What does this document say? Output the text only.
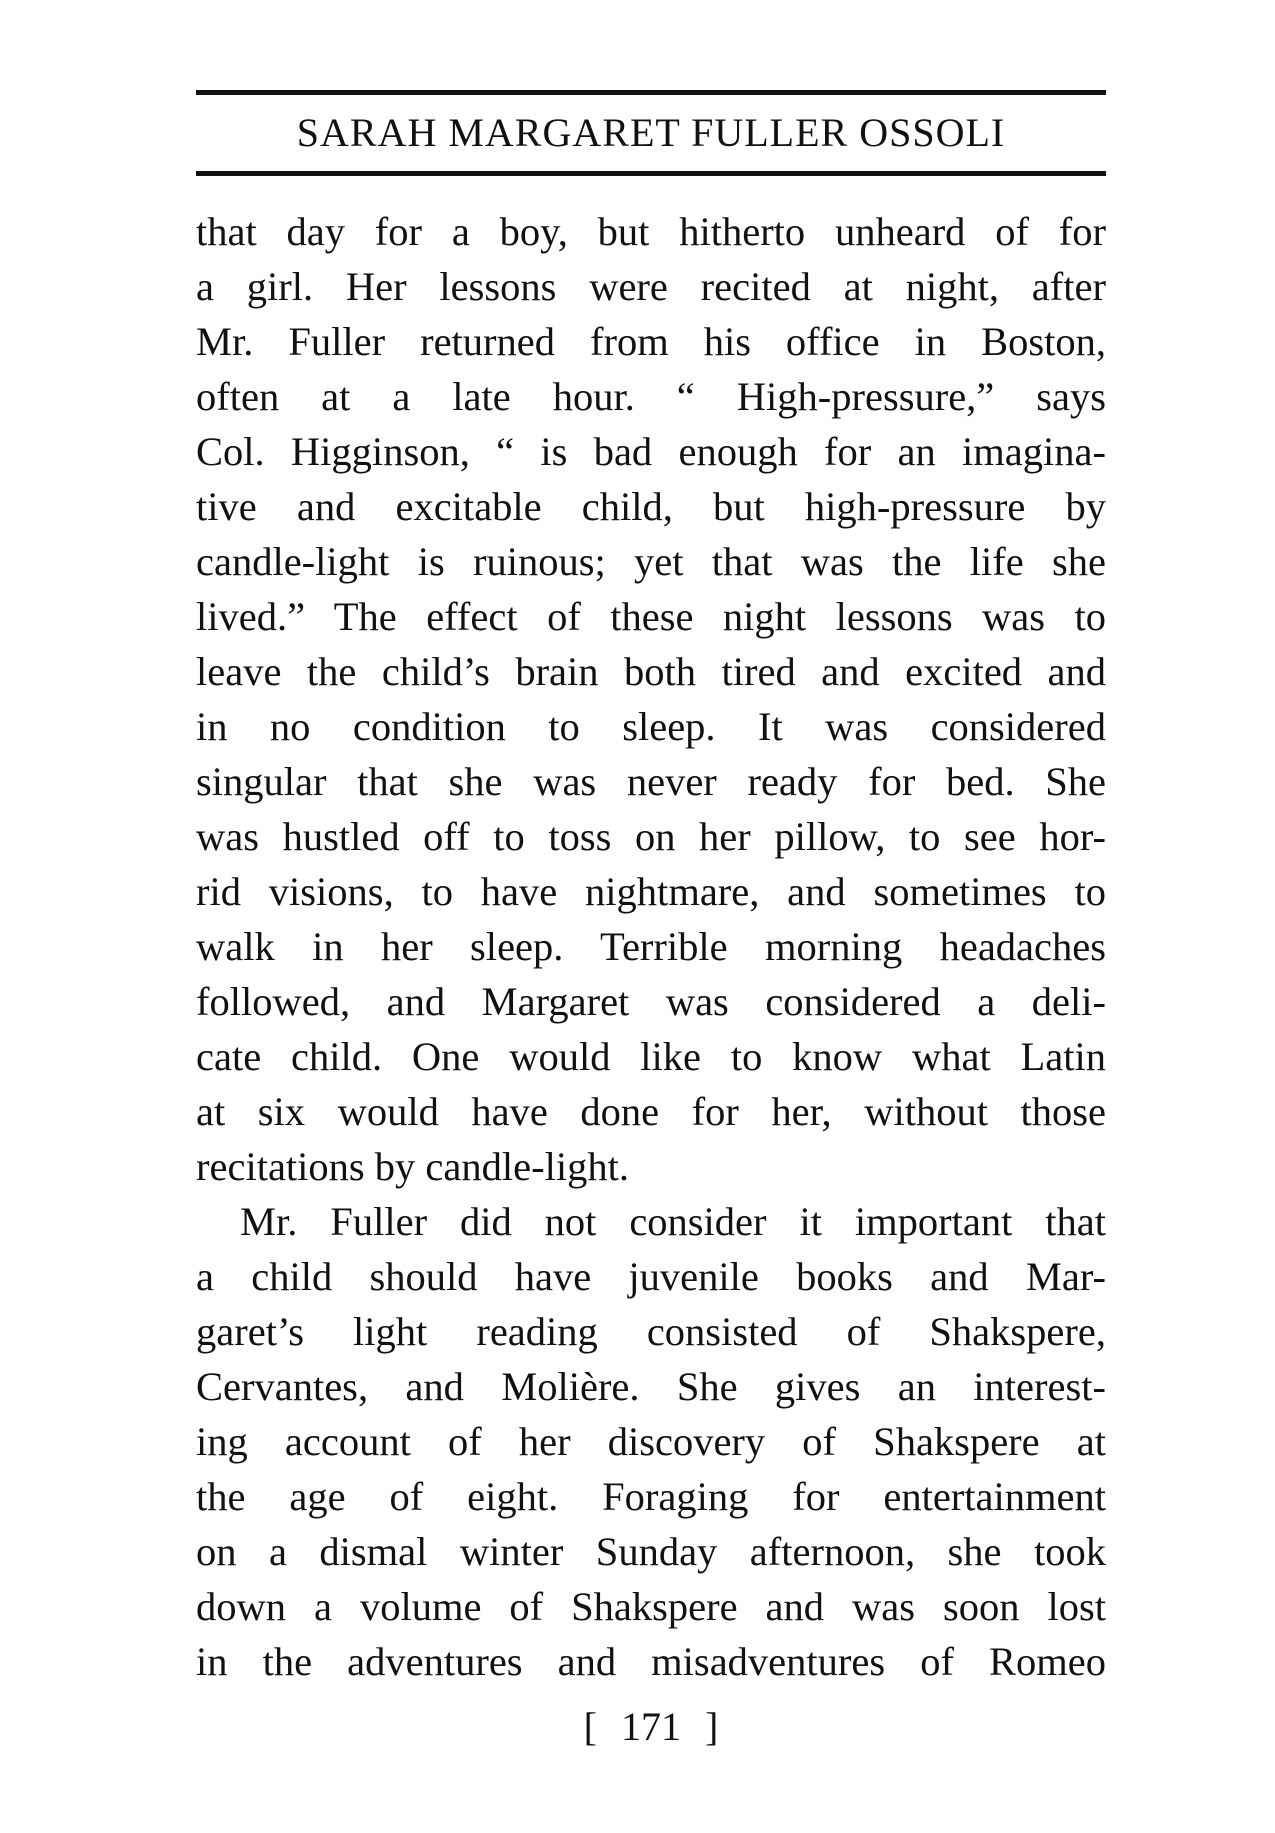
SARAH MARGARET FULLER OSSOLI
that day for a boy, but hitherto unheard of for
a girl. Her lessons were recited at night, after
Mr. Fuller returned from his office in Boston,
often at a late hour. “ High-pressure,” says
Col. Higginson, “ is bad enough for an imagina-
tive and excitable child, but high-pressure by
candle-light is ruinous; yet that was the life she
lived.” The effect of these night lessons was to
leave the child’s brain both tired and excited and
in no condition to sleep. It was considered
singular that she was never ready for bed. She
was hustled off to toss on her pillow, to see hor-
rid visions, to have nightmare, and sometimes to
walk in her sleep. Terrible morning headaches
followed, and Margaret was considered a deli-
cate child. One would like to know what Latin
at six would have done for her, without those
recitations by candle-light.
Mr. Fuller did not consider it important that
a child should have juvenile books and Mar-
garet’s light reading consisted of Shakspere,
Cervantes, and Molière. She gives an interest-
ing account of her discovery of Shakspere at
the age of eight. Foraging for entertainment
on a dismal winter Sunday afternoon, she took
down a volume of Shakspere and was soon lost
in the adventures and misadventures of Romeo
[ 171 ]
